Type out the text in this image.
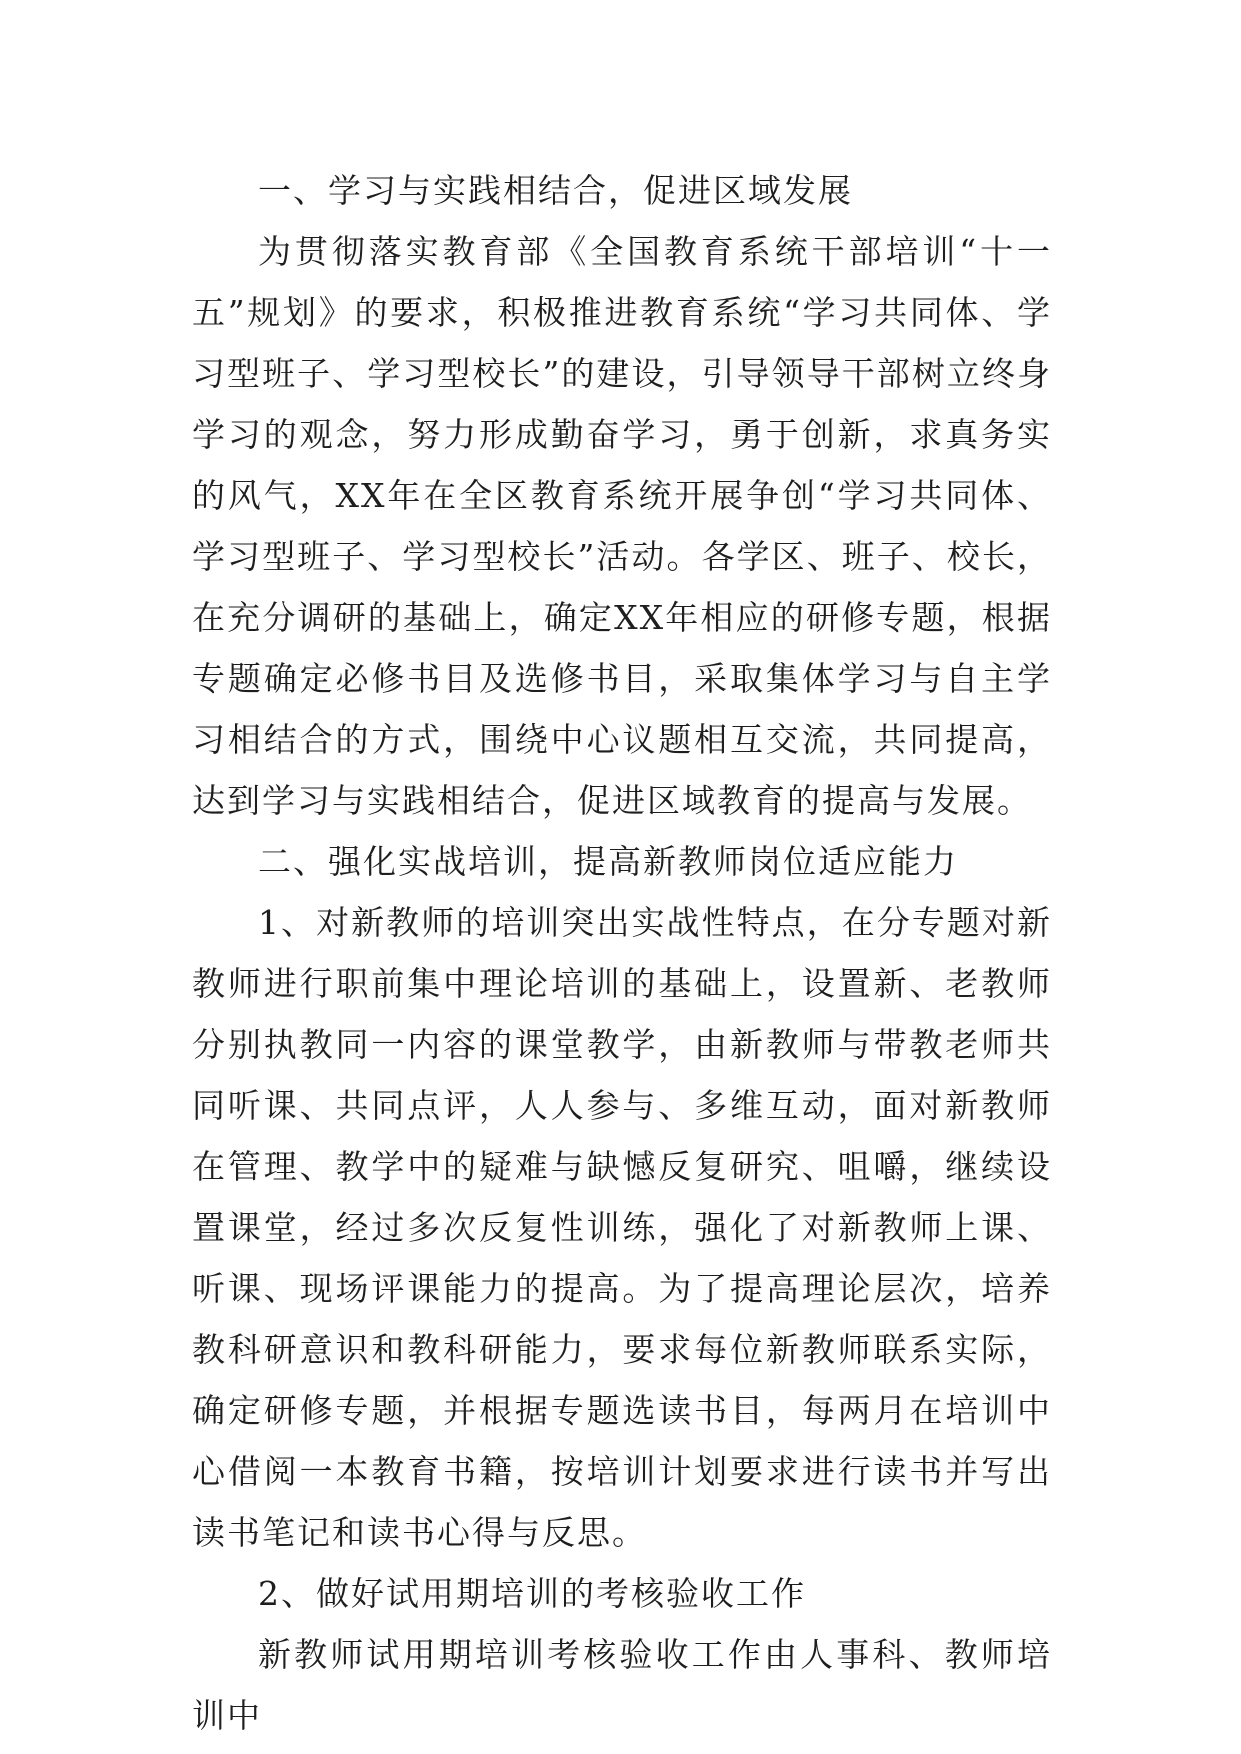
一、学习与实践相结合，促进区域发展

为贯彻落实教育部《全国教育系统干部培训“十一五”规划》的要求，积极推进教育系统“学习共同体、学习型班子、学习型校长”的建设，引导领导干部树立终身学习的观念，努力形成勤奋学习，勇于创新，求真务实的风气，XX年在全区教育系统开展争创“学习共同体、学习型班子、学习型校长”活动。各学区、班子、校长，在充分调研的基础上，确定XX年相应的研修专题，根据专题确定必修书目及选修书目，采取集体学习与自主学习相结合的方式，围绕中心议题相互交流，共同提高，达到学习与实践相结合，促进区域教育的提高与发展。

二、强化实战培训，提高新教师岗位适应能力

1、对新教师的培训突出实战性特点，在分专题对新教师进行职前集中理论培训的基础上，设置新、老教师分别执教同一内容的课堂教学，由新教师与带教老师共同听课、共同点评，人人参与、多维互动，面对新教师在管理、教学中的疑难与缺憾反复研究、咀嚼，继续设置课堂，经过多次反复性训练，强化了对新教师上课、听课、现场评课能力的提高。为了提高理论层次，培养教科研意识和教科研能力，要求每位新教师联系实际，确定研修专题，并根据专题选读书目，每两月在培训中心借阅一本教育书籍，按培训计划要求进行读书并写出读书笔记和读书心得与反思。

2、做好试用期培训的考核验收工作

新教师试用期培训考核验收工作由人事科、教师培训中
